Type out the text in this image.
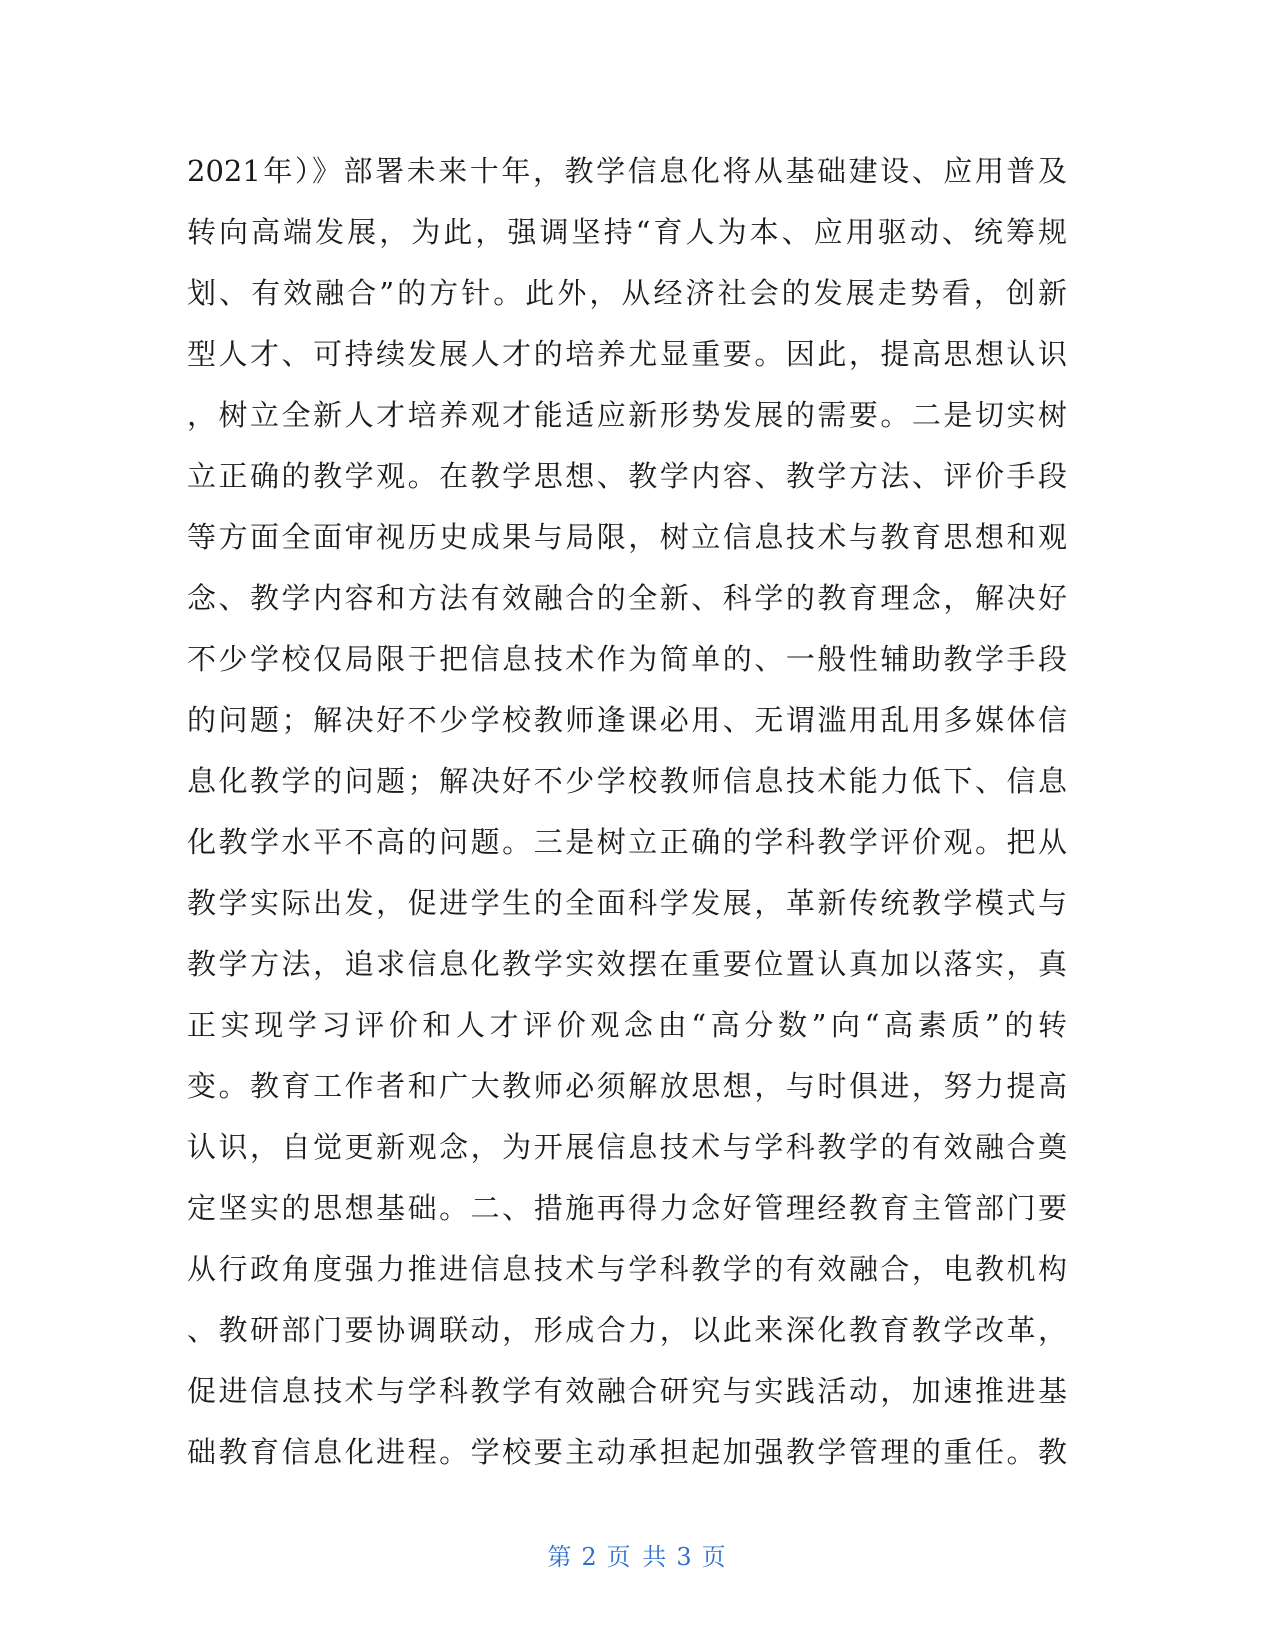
2021年）》部署未来十年，教学信息化将从基础建设、应用普及
转向高端发展，为此，强调坚持“育人为本、应用驱动、统筹规
划、有效融合”的方针。此外，从经济社会的发展走势看，创新
型人才、可持续发展人才的培养尤显重要。因此，提高思想认识
，树立全新人才培养观才能适应新形势发展的需要。二是切实树
立正确的教学观。在教学思想、教学内容、教学方法、评价手段
等方面全面审视历史成果与局限，树立信息技术与教育思想和观
念、教学内容和方法有效融合的全新、科学的教育理念，解决好
不少学校仅局限于把信息技术作为简单的、一般性辅助教学手段
的问题；解决好不少学校教师逢课必用、无谓滥用乱用多媒体信
息化教学的问题；解决好不少学校教师信息技术能力低下、信息
化教学水平不高的问题。三是树立正确的学科教学评价观。把从
教学实际出发，促进学生的全面科学发展，革新传统教学模式与
教学方法，追求信息化教学实效摆在重要位置认真加以落实，真
正实现学习评价和人才评价观念由“高分数”向“高素质”的转
变。教育工作者和广大教师必须解放思想，与时俱进，努力提高
认识，自觉更新观念，为开展信息技术与学科教学的有效融合奠
定坚实的思想基础。二、措施再得力念好管理经教育主管部门要
从行政角度强力推进信息技术与学科教学的有效融合，电教机构
、教研部门要协调联动，形成合力，以此来深化教育教学改革，
促进信息技术与学科教学有效融合研究与实践活动，加速推进基
础教育信息化进程。学校要主动承担起加强教学管理的重任。教
第 2 页 共 3 页
